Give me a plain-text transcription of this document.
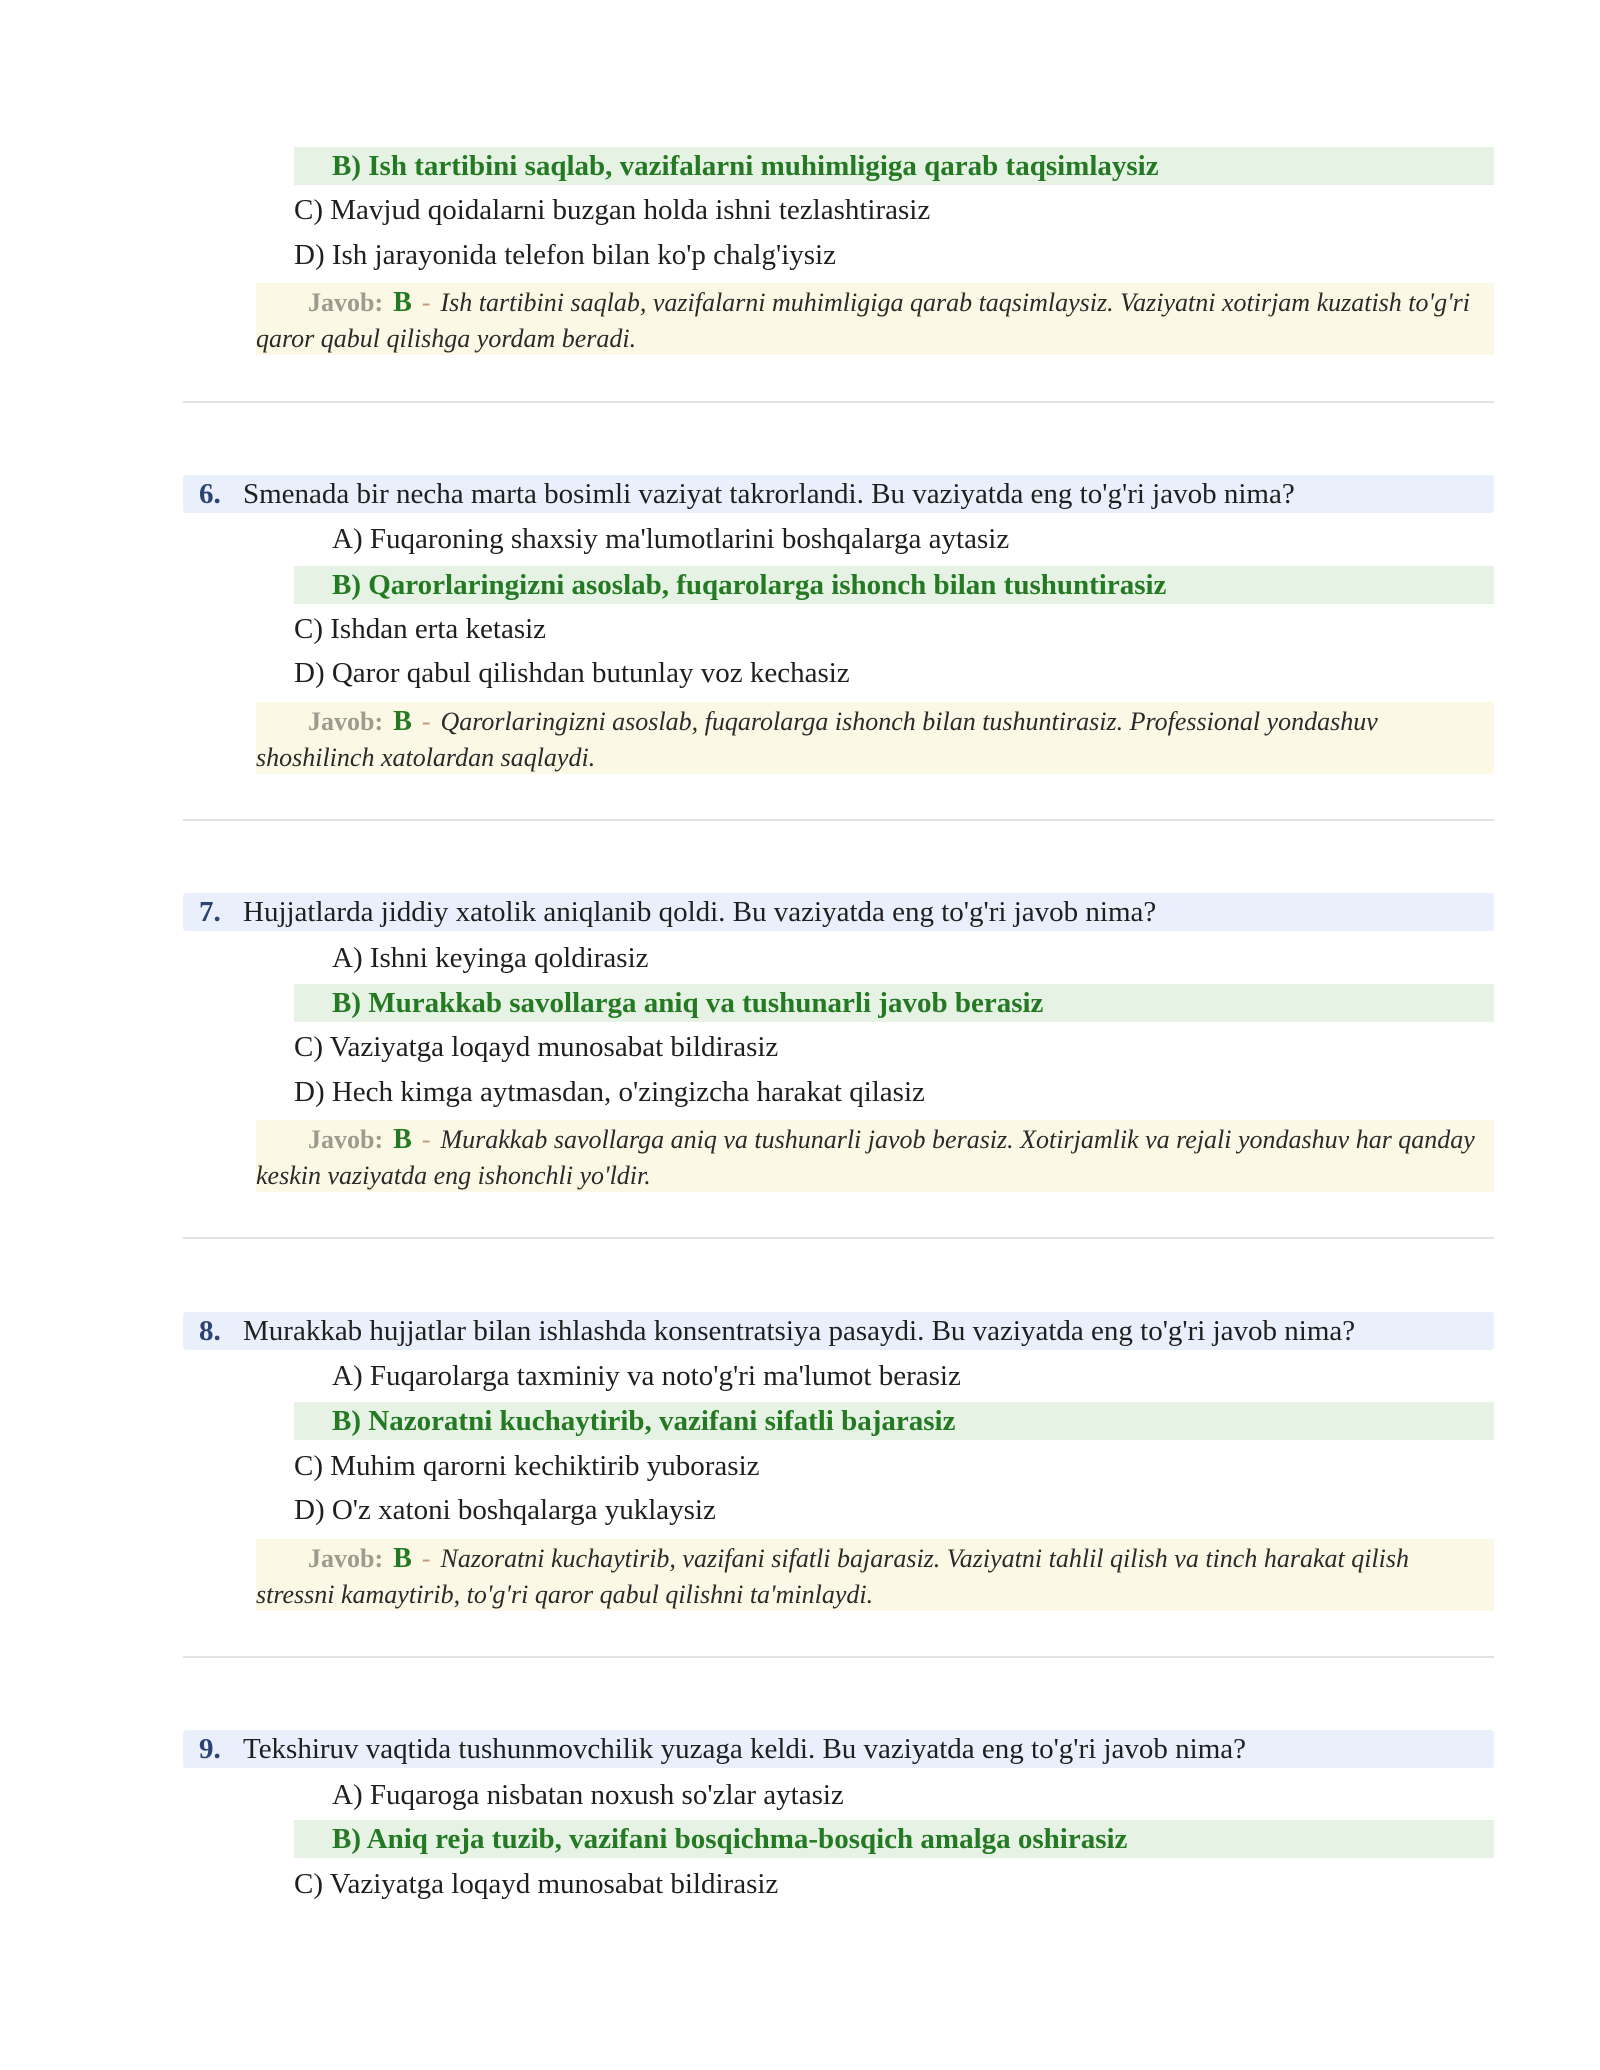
B) Ish tartibini saqlab, vazifalarni muhimligiga qarab taqsimlaysiz
C) Mavjud qoidalarni buzgan holda ishni tezlashtirasiz
D) Ish jarayonida telefon bilan ko'p chalg'iysiz
Javob: B - Ish tartibini saqlab, vazifalarni muhimligiga qarab taqsimlaysiz. Vaziyatni xotirjam kuzatish to'g'ri qaror qabul qilishga yordam beradi.
6. Smenada bir necha marta bosimli vaziyat takrorlandi. Bu vaziyatda eng to'g'ri javob nima?
A) Fuqaroning shaxsiy ma'lumotlarini boshqalarga aytasiz
B) Qarorlaringizni asoslab, fuqarolarga ishonch bilan tushuntirasiz
C) Ishdan erta ketasiz
D) Qaror qabul qilishdan butunlay voz kechasiz
Javob: B - Qarorlaringizni asoslab, fuqarolarga ishonch bilan tushuntirasiz. Professional yondashuv shoshilinch xatolardan saqlaydi.
7. Hujjatlarda jiddiy xatolik aniqlanib qoldi. Bu vaziyatda eng to'g'ri javob nima?
A) Ishni keyinga qoldirasiz
B) Murakkab savollarga aniq va tushunarli javob berasiz
C) Vaziyatga loqayd munosabat bildirasiz
D) Hech kimga aytmasdan, o'zingizcha harakat qilasiz
Javob: B - Murakkab savollarga aniq va tushunarli javob berasiz. Xotirjamlik va rejali yondashuv har qanday keskin vaziyatda eng ishonchli yo'ldir.
8. Murakkab hujjatlar bilan ishlashda konsentratsiya pasaydi. Bu vaziyatda eng to'g'ri javob nima?
A) Fuqarolarga taxminiy va noto'g'ri ma'lumot berasiz
B) Nazoratni kuchaytirib, vazifani sifatli bajarasiz
C) Muhim qarorni kechiktirib yuborasiz
D) O'z xatoni boshqalarga yuklaysiz
Javob: B - Nazoratni kuchaytirib, vazifani sifatli bajarasiz. Vaziyatni tahlil qilish va tinch harakat qilish stressni kamaytirib, to'g'ri qaror qabul qilishni ta'minlaydi.
9. Tekshiruv vaqtida tushunmovchilik yuzaga keldi. Bu vaziyatda eng to'g'ri javob nima?
A) Fuqaroga nisbatan noxush so'zlar aytasiz
B) Aniq reja tuzib, vazifani bosqichma-bosqich amalga oshirasiz
C) Vaziyatga loqayd munosabat bildirasiz
